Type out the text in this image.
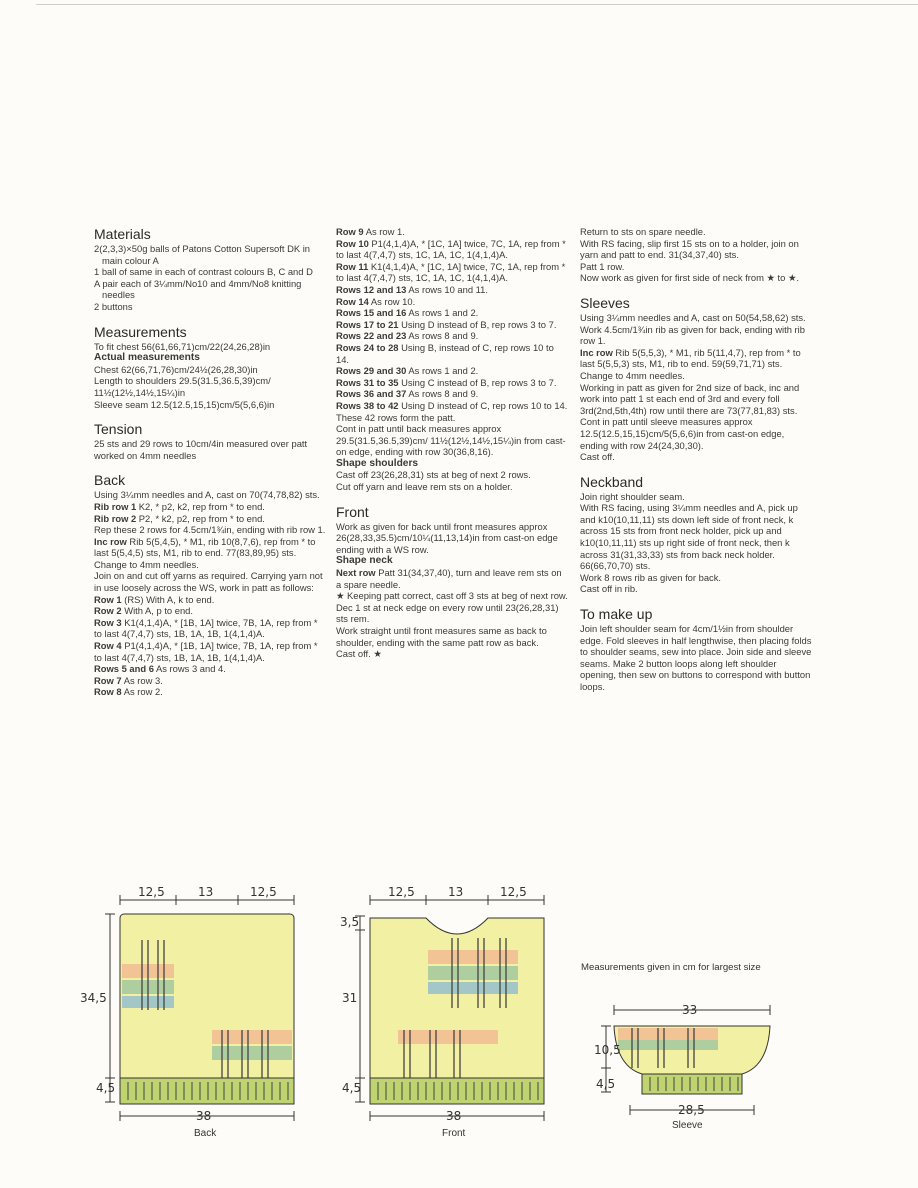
Materials

2(2,3,3)×50g balls of Patons Cotton Supersoft DK in main colour A

1 ball of same in each of contrast colours B, C and D

A pair each of 3¼mm/No10 and 4mm/No8 knitting needles

2 buttons

Measurements

To fit chest 56(61,66,71)cm/22(24,26,28)in

Actual measurements

Chest 62(66,71,76)cm/24½(26,28,30)in

Length to shoulders 29.5(31.5,36.5,39)cm/ 11½(12½,14½,15¼)in

Sleeve seam 12.5(12.5,15,15)cm/5(5,6,6)in

Tension

25 sts and 29 rows to 10cm/4in measured over patt worked on 4mm needles

Back

Using 3¼mm needles and A, cast on 70(74,78,82) sts.

Rib row 1 K2, * p2, k2, rep from * to end.

Rib row 2 P2, * k2, p2, rep from * to end.

Rep these 2 rows for 4.5cm/1¾in, ending with rib row 1.

Inc row Rib 5(5,4,5), * M1, rib 10(8,7,6), rep from * to last 5(5,4,5) sts, M1, rib to end. 77(83,89,95) sts.

Change to 4mm needles.

Join on and cut off yarns as required. Carrying yarn not in use loosely across the WS, work in patt as follows:

Row 1 (RS) With A, k to end.

Row 2 With A, p to end.

Row 3 K1(4,1,4)A, * [1B, 1A] twice, 7B, 1A, rep from * to last 4(7,4,7) sts, 1B, 1A, 1B, 1(4,1,4)A.

Row 4 P1(4,1,4)A, * [1B, 1A] twice, 7B, 1A, rep from * to last 4(7,4,7) sts, 1B, 1A, 1B, 1(4,1,4)A.

Rows 5 and 6 As rows 3 and 4.

Row 7 As row 3.

Row 8 As row 2.

Row 9 As row 1.

Row 10 P1(4,1,4)A, * [1C, 1A] twice, 7C, 1A, rep from * to last 4(7,4,7) sts, 1C, 1A, 1C, 1(4,1,4)A.

Row 11 K1(4,1,4)A, * [1C, 1A] twice, 7C, 1A, rep from * to last 4(7,4,7) sts, 1C, 1A, 1C, 1(4,1,4)A.

Rows 12 and 13 As rows 10 and 11.

Row 14 As row 10.

Rows 15 and 16 As rows 1 and 2.

Rows 17 to 21 Using D instead of B, rep rows 3 to 7.

Rows 22 and 23 As rows 8 and 9.

Rows 24 to 28 Using B, instead of C, rep rows 10 to 14.

Rows 29 and 30 As rows 1 and 2.

Rows 31 to 35 Using C instead of B, rep rows 3 to 7.

Rows 36 and 37 As rows 8 and 9.

Rows 38 to 42 Using D instead of C, rep rows 10 to 14.

These 42 rows form the patt.

Cont in patt until back measures approx 29.5(31.5,36.5,39)cm/ 11½(12½,14½,15¼)in from cast-on edge, ending with row 30(36,8,16).

Shape shoulders

Cast off 23(26,28,31) sts at beg of next 2 rows.

Cut off yarn and leave rem sts on a holder.

Front

Work as given for back until front measures approx 26(28,33,35.5)cm/10¼(11,13,14)in from cast-on edge ending with a WS row.

Shape neck

Next row Patt 31(34,37,40), turn and leave rem sts on a spare needle.

★ Keeping patt correct, cast off 3 sts at beg of next row.

Dec 1 st at neck edge on every row until 23(26,28,31) sts rem.

Work straight until front measures same as back to shoulder, ending with the same patt row as back.

Cast off. ★

Return to sts on spare needle.

With RS facing, slip first 15 sts on to a holder, join on yarn and patt to end. 31(34,37,40) sts.

Patt 1 row.

Now work as given for first side of neck from ★ to ★.

Sleeves

Using 3¼mm needles and A, cast on 50(54,58,62) sts.

Work 4.5cm/1¾in rib as given for back, ending with rib row 1.

Inc row Rib 5(5,5,3), * M1, rib 5(11,4,7), rep from * to last 5(5,5,3) sts, M1, rib to end. 59(59,71,71) sts.

Change to 4mm needles.

Working in patt as given for 2nd size of back, inc and work into patt 1 st each end of 3rd and every foll 3rd(2nd,5th,4th) row until there are 73(77,81,83) sts.

Cont in patt until sleeve measures approx 12.5(12.5,15,15)cm/5(5,6,6)in from cast-on edge, ending with row 24(24,30,30).

Cast off.

Neckband

Join right shoulder seam.

With RS facing, using 3¼mm needles and A, pick up and k10(10,11,11) sts down left side of front neck, k across 15 sts from front neck holder, pick up and k10(10,11,11) sts up right side of front neck, then k across 31(31,33,33) sts from back neck holder. 66(66,70,70) sts.

Work 8 rows rib as given for back.

Cast off in rib.

To make up

Join left shoulder seam for 4cm/1½in from shoulder edge. Fold sleeves in half lengthwise, then placing folds to shoulder seams, sew into place. Join side and sleeve seams. Make 2 button loops along left shoulder opening, then sew on buttons to correspond with button loops.

12,5	13	12,5
34,5
4,5
38
Back
12,5	13	12,5
3,5
31
4,5
38
Front
Measurements given in cm for largest size
33
10,5
4,5
28,5
Sleeve
